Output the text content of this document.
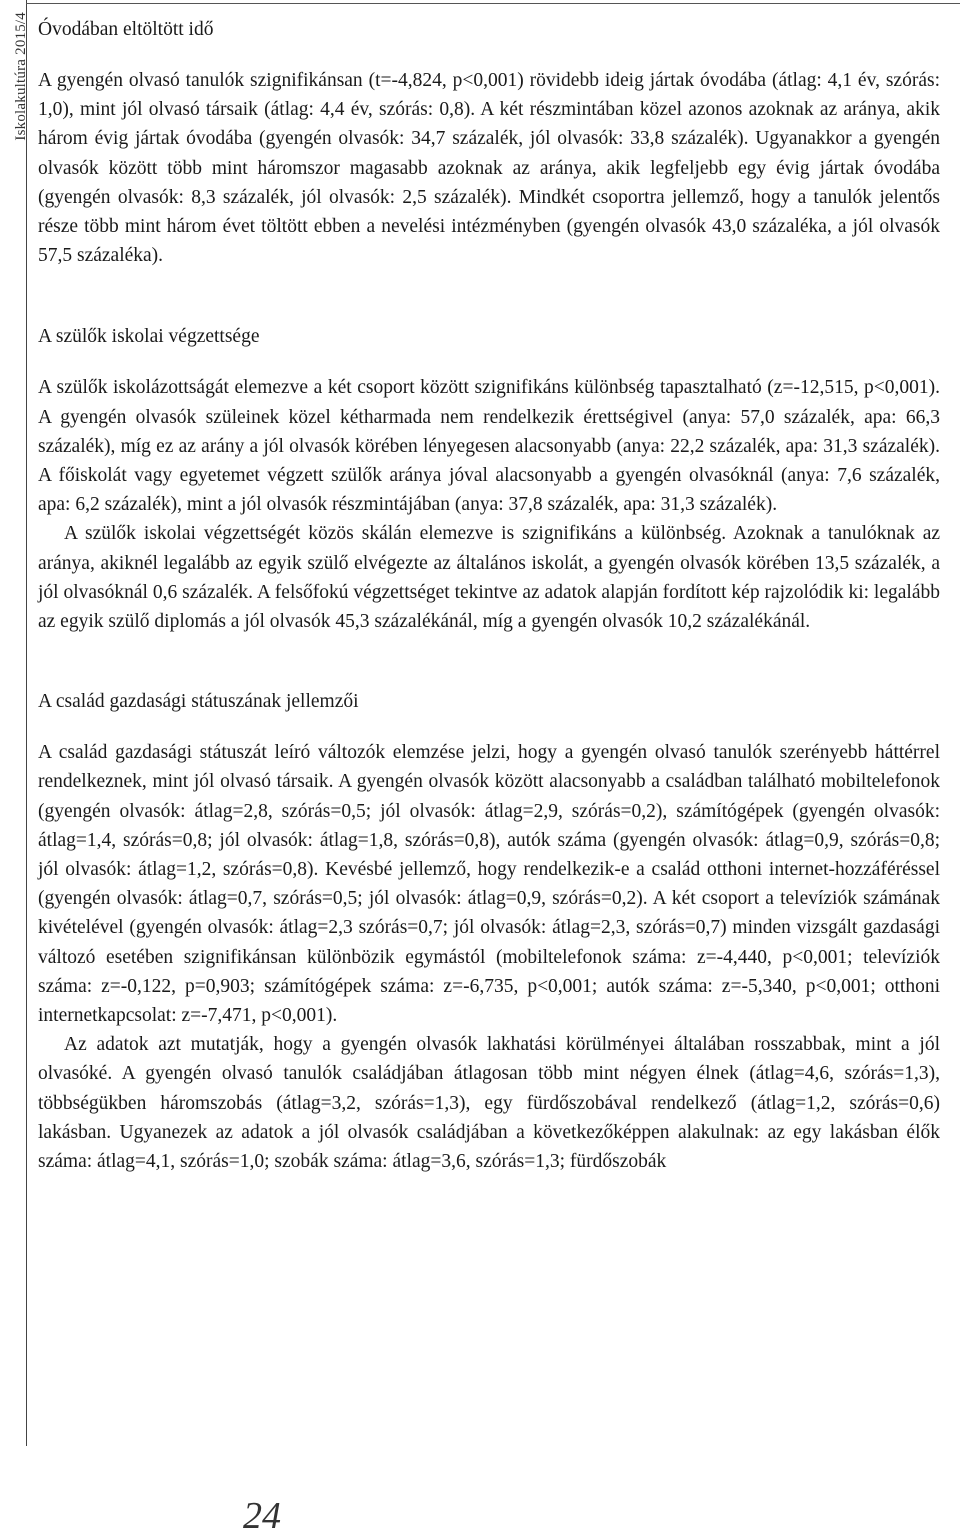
Iskolakultúra 2015/4 Óvodában eltöltött idő

A gyengén olvasó tanulók szignifikánsan (t=-4,824, p<0,001) rövidebb ideig jártak óvodába (átlag: 4,1 év, szórás: 1,0), mint jól olvasó társaik (átlag: 4,4 év, szórás: 0,8). A két részmintában közel azonos azoknak az aránya, akik három évig jártak óvodába (gyengén olvasók: 34,7 százalék, jól olvasók: 33,8 százalék). Ugyanakkor a gyengén olvasók között több mint háromszor magasabb azoknak az aránya, akik legfeljebb egy évig jártak óvodába (gyengén olvasók: 8,3 százalék, jól olvasók: 2,5 százalék). Mindkét csoportra jellemző, hogy a tanulók jelentős része több mint három évet töltött ebben a nevelési intézményben (gyengén olvasók 43,0 százaléka, a jól olvasók 57,5 százaléka).

A szülők iskolai végzettsége

A szülők iskolázottságát elemezve a két csoport között szignifikáns különbség tapasztalható (z=-12,515, p<0,001). A gyengén olvasók szüleinek közel kétharmada nem rendelkezik érettségivel (anya: 57,0 százalék, apa: 66,3 százalék), míg ez az arány a jól olvasók körében lényegesen alacsonyabb (anya: 22,2 százalék, apa: 31,3 százalék). A főiskolát vagy egyetemet végzett szülők aránya jóval alacsonyabb a gyengén olvasóknál (anya: 7,6 százalék, apa: 6,2 százalék), mint a jól olvasók részmintájában (anya: 37,8 százalék, apa: 31,3 százalék).

A szülők iskolai végzettségét közös skálán elemezve is szignifikáns a különbség. Azoknak a tanulóknak az aránya, akiknél legalább az egyik szülő elvégezte az általános iskolát, a gyengén olvasók körében 13,5 százalék, a jól olvasóknál 0,6 százalék. A felsőfokú végzettséget tekintve az adatok alapján fordított kép rajzolódik ki: legalább az egyik szülő diplomás a jól olvasók 45,3 százalékánál, míg a gyengén olvasók 10,2 százalékánál.

A család gazdasági státuszának jellemzői

A család gazdasági státuszát leíró változók elemzése jelzi, hogy a gyengén olvasó tanulók szerényebb háttérrel rendelkeznek, mint jól olvasó társaik. A gyengén olvasók között alacsonyabb a családban található mobiltelefonok (gyengén olvasók: átlag=2,8, szórás=0,5; jól olvasók: átlag=2,9, szórás=0,2), számítógépek (gyengén olvasók: átlag=1,4, szórás=0,8; jól olvasók: átlag=1,8, szórás=0,8), autók száma (gyengén olvasók: átlag=0,9, szórás=0,8; jól olvasók: átlag=1,2, szórás=0,8). Kevésbé jellemző, hogy rendelkezik-e a család otthoni internet-hozzáféréssel (gyengén olvasók: átlag=0,7, szórás=0,5; jól olvasók: átlag=0,9, szórás=0,2). A két csoport a televíziók számának kivételével (gyengén olvasók: átlag=2,3 szórás=0,7; jól olvasók: átlag=2,3, szórás=0,7) minden vizsgált gazdasági változó esetében szignifikánsan különbözik egymástól (mobiltelefonok száma: z=-4,440, p<0,001; televíziók száma: z=-0,122, p=0,903; számítógépek száma: z=-6,735, p<0,001; autók száma: z=-5,340, p<0,001; otthoni internetkapcsolat: z=-7,471, p<0,001).

Az adatok azt mutatják, hogy a gyengén olvasók lakhatási körülményei általában rosszabbak, mint a jól olvasóké. A gyengén olvasó tanulók családjában átlagosan több mint négyen élnek (átlag=4,6, szórás=1,3), többségükben háromszobás (átlag=3,2, szórás=1,3), egy fürdőszobával rendelkező (átlag=1,2, szórás=0,6) lakásban. Ugyanezek az adatok a jól olvasók családjában a következőképpen alakulnak: az egy lakásban élők száma: átlag=4,1, szórás=1,0; szobák száma: átlag=3,6, szórás=1,3; fürdőszobák

24
